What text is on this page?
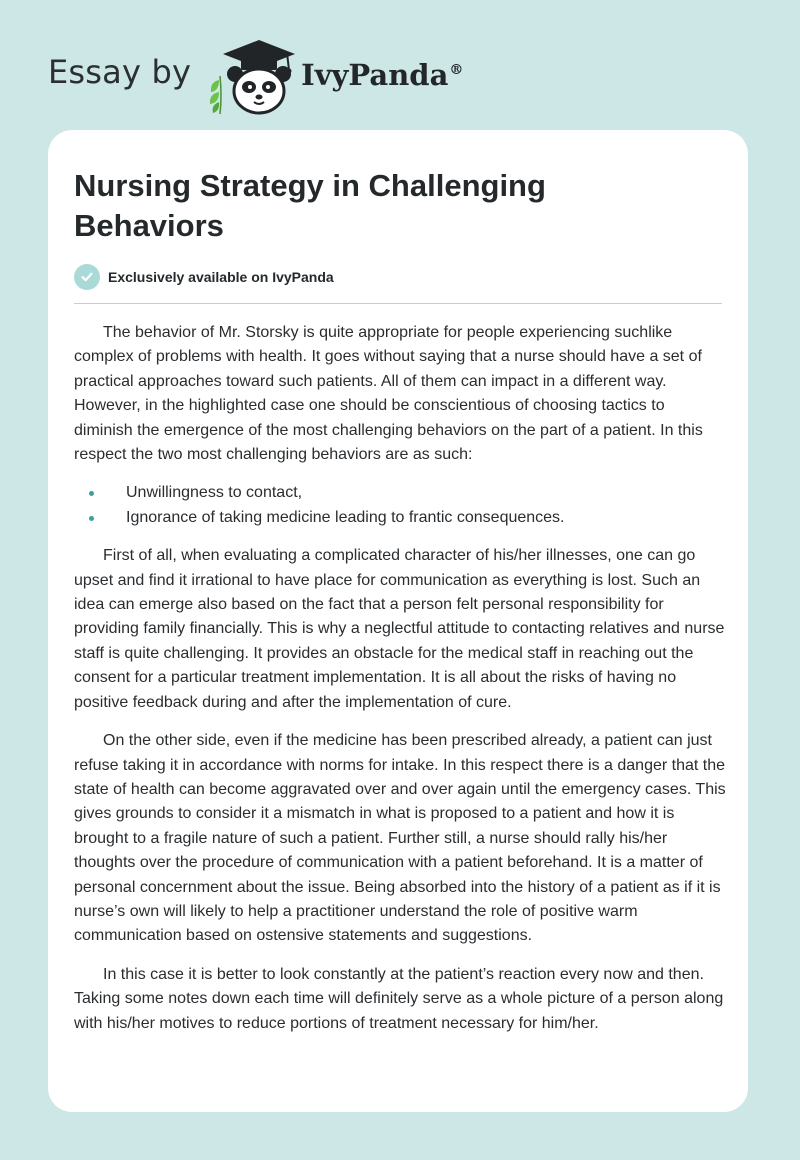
Essay by	IvyPanda®
Nursing Strategy in Challenging Behaviors
Exclusively available on IvyPanda

The behavior of Mr. Storsky is quite appropriate for people experiencing suchlike complex of problems with health. It goes without saying that a nurse should have a set of practical approaches toward such patients. All of them can impact in a different way. However, in the highlighted case one should be conscientious of choosing tactics to diminish the emergence of the most challenging behaviors on the part of a patient. In this respect the two most challenging behaviors are as such:

Unwillingness to contact,
Ignorance of taking medicine leading to frantic consequences.

First of all, when evaluating a complicated character of his/her illnesses, one can go upset and find it irrational to have place for communication as everything is lost. Such an idea can emerge also based on the fact that a person felt personal responsibility for providing family financially. This is why a neglectful attitude to contacting relatives and nurse staff is quite challenging. It provides an obstacle for the medical staff in reaching out the consent for a particular treatment implementation. It is all about the risks of having no positive feedback during and after the implementation of cure.

On the other side, even if the medicine has been prescribed already, a patient can just refuse taking it in accordance with norms for intake. In this respect there is a danger that the state of health can become aggravated over and over again until the emergency cases. This gives grounds to consider it a mismatch in what is proposed to a patient and how it is brought to a fragile nature of such a patient. Further still, a nurse should rally his/her thoughts over the procedure of communication with a patient beforehand. It is a matter of personal concernment about the issue. Being absorbed into the history of a patient as if it is nurse’s own will likely to help a practitioner understand the role of positive warm communication based on ostensive statements and suggestions.

In this case it is better to look constantly at the patient’s reaction every now and then. Taking some notes down each time will definitely serve as a whole picture of a person along with his/her motives to reduce portions of treatment necessary for him/her.
